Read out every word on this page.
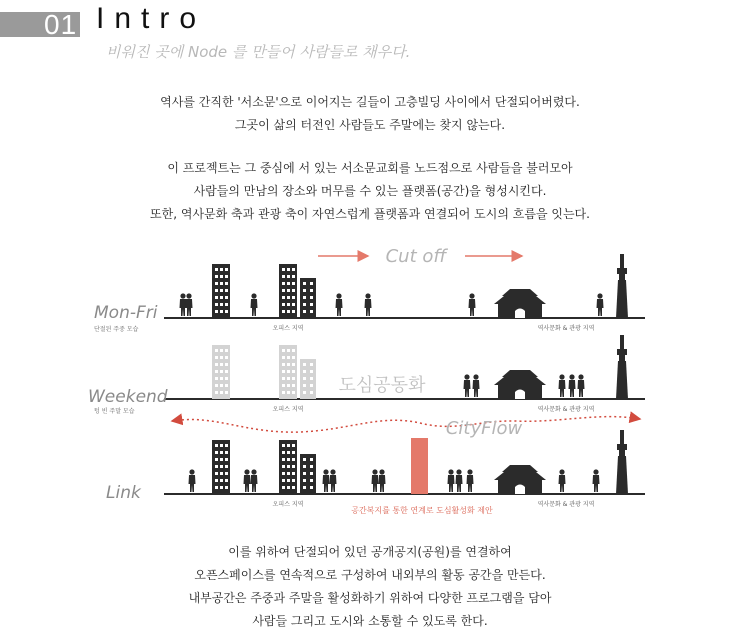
01 Intro
비워진 곳에 Node 를 만들어 사람들로 채우다.
역사를 간직한 '서소문'으로 이어지는 길들이 고층빌딩 사이에서 단절되어버렸다.
그곳이 삶의 터전인 사람들도 주말에는 찾지 않는다.
이 프로젝트는 그 중심에 서 있는 서소문교회를 노드점으로 사람들을 불러모아
사람들의 만남의 장소와 머무를 수 있는 플랫폼(공간)을 형성시킨다.
또한, 역사문화 축과 관광 축이 자연스럽게 플랫폼과 연결되어 도시의 흐름을 잇는다.
Mon-Fri
단절된 주중 모습	오피스 지역	역사문화 & 관광 지역
Cut off
Weekend
텅 빈 주말 모습	오피스 지역	역사문화 & 관광 지역
도심공동화
CityFlow
Link
오피스 지역	역사문화 & 관광 지역
공간복지를 통한 연계로 도심활성화 제안
이를 위하여 단절되어 있던 공개공지(공원)를 연결하여
오픈스페이스를 연속적으로 구성하여 내외부의 활동 공간을 만든다.
내부공간은 주중과 주말을 활성화하기 위하여 다양한 프로그램을 담아
사람들 그리고 도시와 소통할 수 있도록 한다.
